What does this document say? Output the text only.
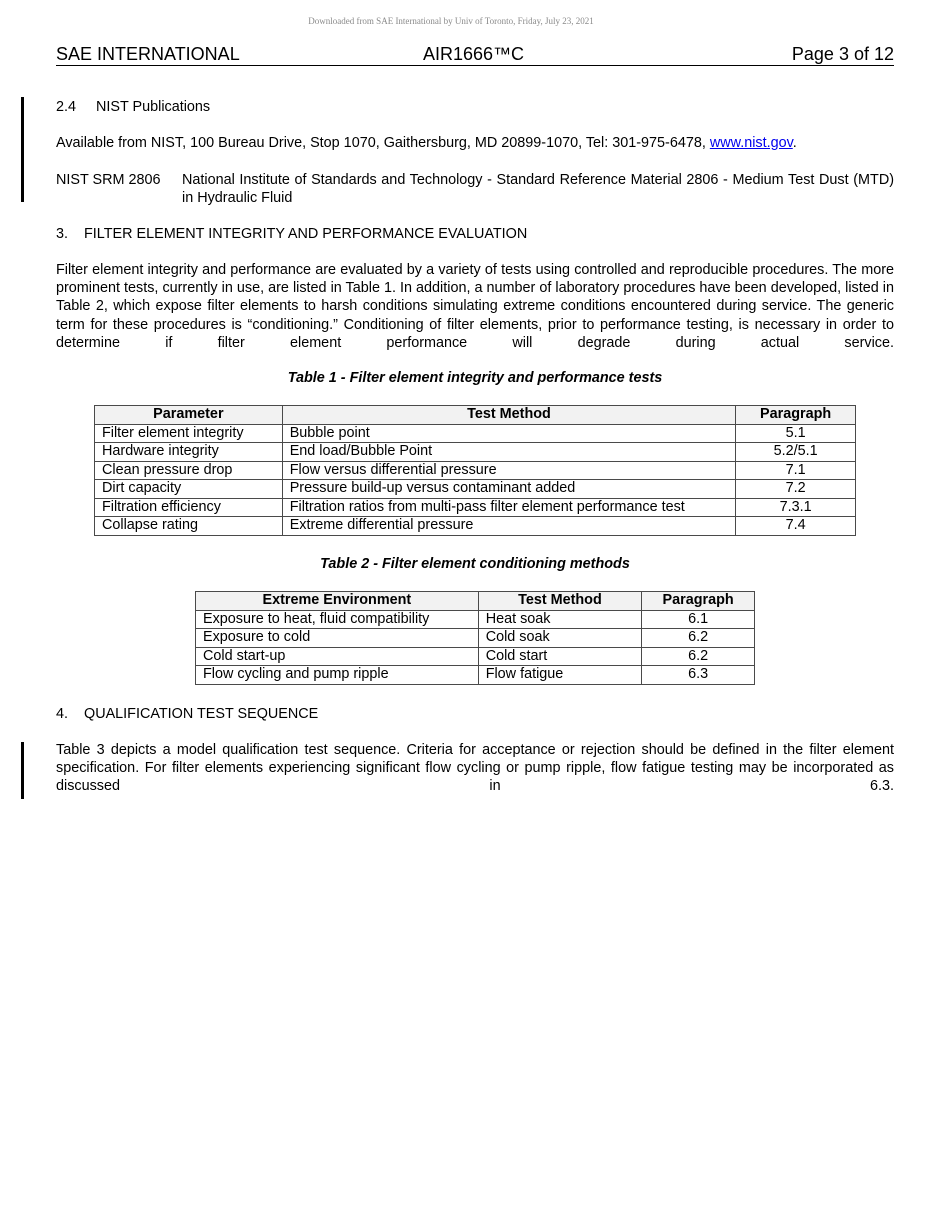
Downloaded from SAE International by Univ of Toronto, Friday, July 23, 2021
SAE INTERNATIONAL	AIR1666™C	Page 3 of 12
2.4     NIST Publications
Available from NIST, 100 Bureau Drive, Stop 1070, Gaithersburg, MD 20899-1070, Tel: 301-975-6478, www.nist.gov.
NIST SRM 2806	National Institute of Standards and Technology - Standard Reference Material 2806 - Medium Test Dust (MTD) in Hydraulic Fluid
3.    FILTER ELEMENT INTEGRITY AND PERFORMANCE EVALUATION
Filter element integrity and performance are evaluated by a variety of tests using controlled and reproducible procedures. The more prominent tests, currently in use, are listed in Table 1. In addition, a number of laboratory procedures have been developed, listed in Table 2, which expose filter elements to harsh conditions simulating extreme conditions encountered during service. The generic term for these procedures is “conditioning.” Conditioning of filter elements, prior to performance testing, is necessary in order to determine if filter element performance will degrade during actual service.
Table 1 - Filter element integrity and performance tests
Parameter	Test Method	Paragraph
Filter element integrity	Bubble point	5.1
Hardware integrity	End load/Bubble Point	5.2/5.1
Clean pressure drop	Flow versus differential pressure	7.1
Dirt capacity	Pressure build-up versus contaminant added	7.2
Filtration efficiency	Filtration ratios from multi-pass filter element performance test	7.3.1
Collapse rating	Extreme differential pressure	7.4
Table 2 - Filter element conditioning methods
Extreme Environment	Test Method	Paragraph
Exposure to heat, fluid compatibility	Heat soak	6.1
Exposure to cold	Cold soak	6.2
Cold start-up	Cold start	6.2
Flow cycling and pump ripple	Flow fatigue	6.3
4.    QUALIFICATION TEST SEQUENCE
Table 3 depicts a model qualification test sequence. Criteria for acceptance or rejection should be defined in the filter element specification. For filter elements experiencing significant flow cycling or pump ripple, flow fatigue testing may be incorporated as discussed in 6.3.
